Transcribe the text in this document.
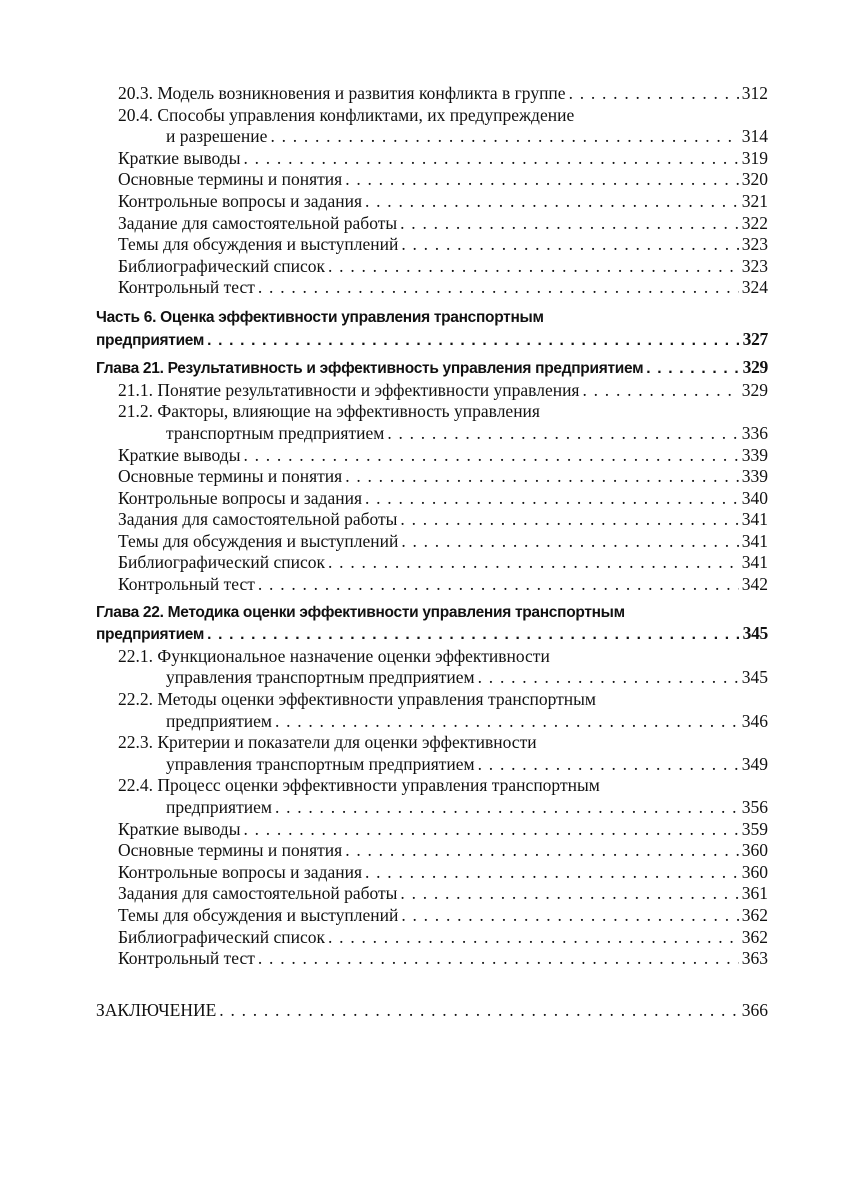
20.3. Модель возникновения и развития конфликта в группе . . .	312
20.4. Способы управления конфликтами, их предупреждение
и разрешение . . .	314
Краткие выводы . . .	319
Основные термины и понятия . . .	320
Контрольные вопросы и задания . . .	321
Задание для самостоятельной работы . . .	322
Темы для обсуждения и выступлений . . .	323
Библиографический список . . .	323
Контрольный тест . . .	324
Часть 6. Оценка эффективности управления транспортным
предприятием . . .	327
Глава 21. Результативность и эффективность управления предприятием . . .	329
21.1. Понятие результативности и эффективности управления . . .	329
21.2. Факторы, влияющие на эффективность управления
транспортным предприятием . . .	336
Краткие выводы . . .	339
Основные термины и понятия . . .	339
Контрольные вопросы и задания . . .	340
Задания для самостоятельной работы . . .	341
Темы для обсуждения и выступлений . . .	341
Библиографический список . . .	341
Контрольный тест . . .	342
Глава 22. Методика оценки эффективности управления транспортным
предприятием . . .	345
22.1. Функциональное назначение оценки эффективности
управления транспортным предприятием . . .	345
22.2. Методы оценки эффективности управления транспортным
предприятием . . .	346
22.3. Критерии и показатели для оценки эффективности
управления транспортным предприятием . . .	349
22.4. Процесс оценки эффективности управления транспортным
предприятием . . .	356
Краткие выводы . . .	359
Основные термины и понятия . . .	360
Контрольные вопросы и задания . . .	360
Задания для самостоятельной работы . . .	361
Темы для обсуждения и выступлений . . .	362
Библиографический список . . .	362
Контрольный тест . . .	363
ЗАКЛЮЧЕНИЕ . . .	366
